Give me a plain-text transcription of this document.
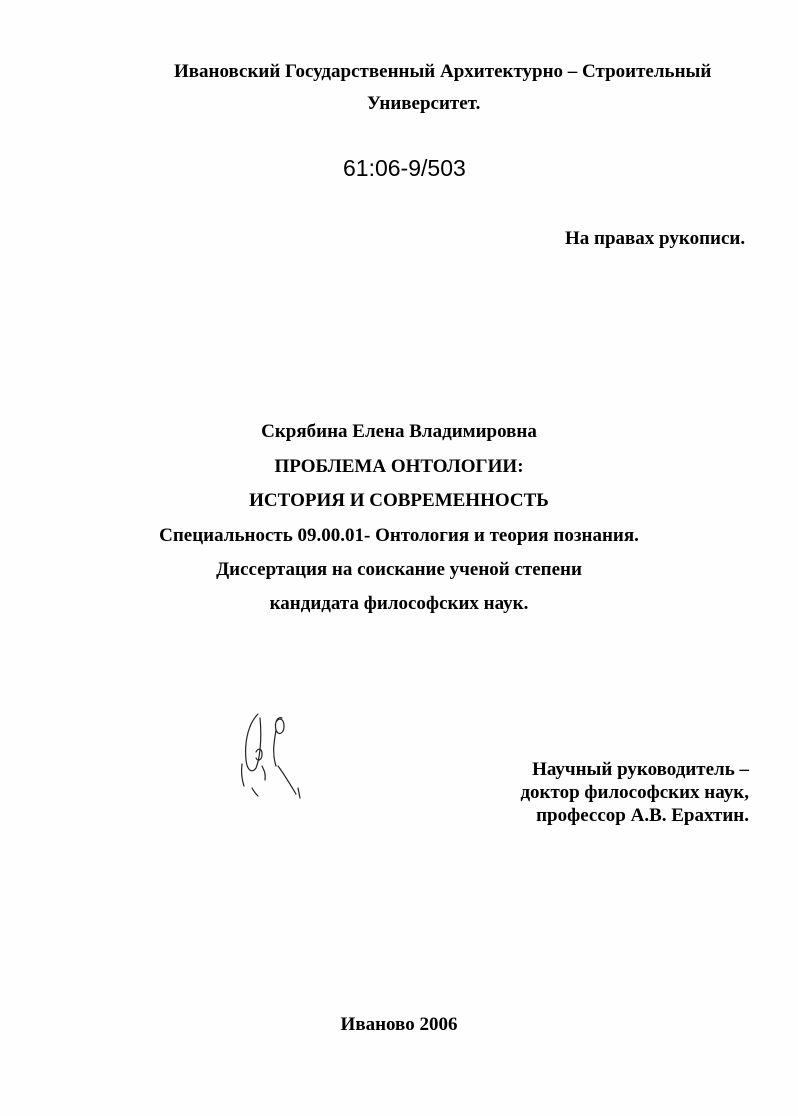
Ивановский Государственный Архитектурно – Строительный
Университет.
61:06-9/503
На правах рукописи.
Скрябина Елена Владимировна
ПРОБЛЕМА ОНТОЛОГИИ:
ИСТОРИЯ И СОВРЕМЕННОСТЬ
Специальность 09.00.01- Онтология и теория познания.
Диссертация на соискание ученой степени
кандидата философских наук.
Научный руководитель –
доктор философских наук,
профессор А.В. Ерахтин.
Иваново 2006
